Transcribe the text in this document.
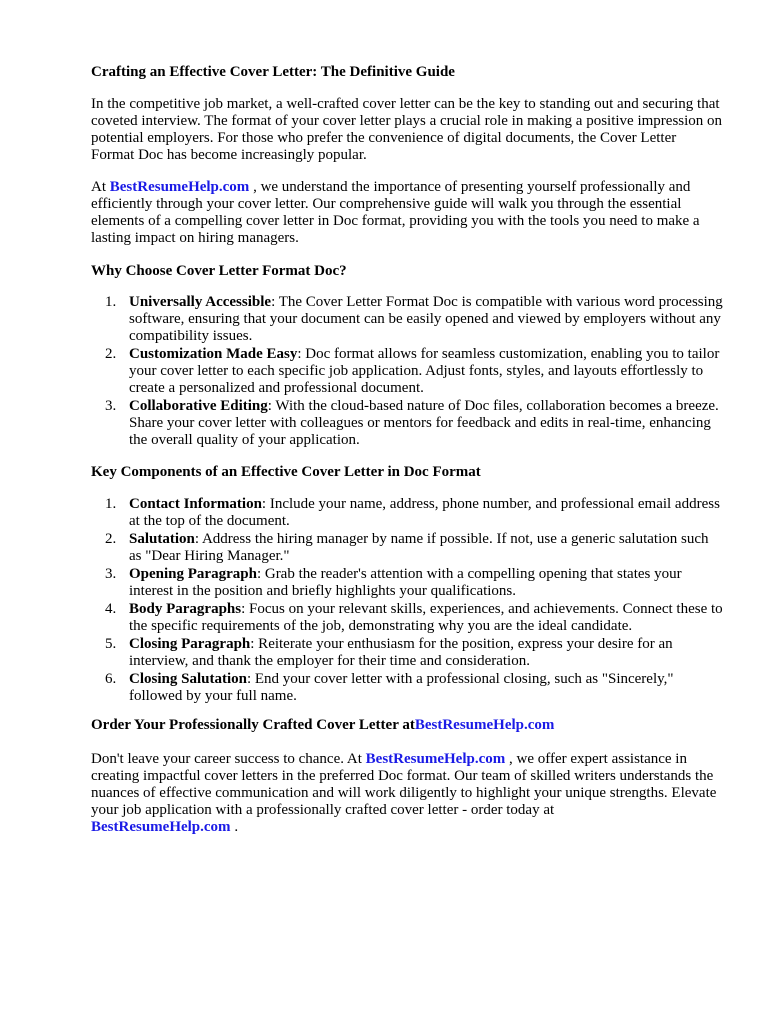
Crafting an Effective Cover Letter: The Definitive Guide

In the competitive job market, a well-crafted cover letter can be the key to standing out and securing that coveted interview. The format of your cover letter plays a crucial role in making a positive impression on potential employers. For those who prefer the convenience of digital documents, the Cover Letter Format Doc has become increasingly popular.

At BestResumeHelp.com , we understand the importance of presenting yourself professionally and efficiently through your cover letter. Our comprehensive guide will walk you through the essential elements of a compelling cover letter in Doc format, providing you with the tools you need to make a lasting impact on hiring managers.

Why Choose Cover Letter Format Doc?
1. Universally Accessible: The Cover Letter Format Doc is compatible with various word processing software, ensuring that your document can be easily opened and viewed by employers without any compatibility issues.
2. Customization Made Easy: Doc format allows for seamless customization, enabling you to tailor your cover letter to each specific job application. Adjust fonts, styles, and layouts effortlessly to create a personalized and professional document.
3. Collaborative Editing: With the cloud-based nature of Doc files, collaboration becomes a breeze. Share your cover letter with colleagues or mentors for feedback and edits in real-time, enhancing the overall quality of your application.
Key Components of an Effective Cover Letter in Doc Format
1. Contact Information: Include your name, address, phone number, and professional email address at the top of the document.
2. Salutation: Address the hiring manager by name if possible. If not, use a generic salutation such as "Dear Hiring Manager."
3. Opening Paragraph: Grab the reader's attention with a compelling opening that states your interest in the position and briefly highlights your qualifications.
4. Body Paragraphs: Focus on your relevant skills, experiences, and achievements. Connect these to the specific requirements of the job, demonstrating why you are the ideal candidate.
5. Closing Paragraph: Reiterate your enthusiasm for the position, express your desire for an interview, and thank the employer for their time and consideration.
6. Closing Salutation: End your cover letter with a professional closing, such as "Sincerely," followed by your full name.
Order Your Professionally Crafted Cover Letter atBestResumeHelp.com

Don't leave your career success to chance. At BestResumeHelp.com , we offer expert assistance in creating impactful cover letters in the preferred Doc format. Our team of skilled writers understands the nuances of effective communication and will work diligently to highlight your unique strengths. Elevate your job application with a professionally crafted cover letter - order today at
BestResumeHelp.com .
